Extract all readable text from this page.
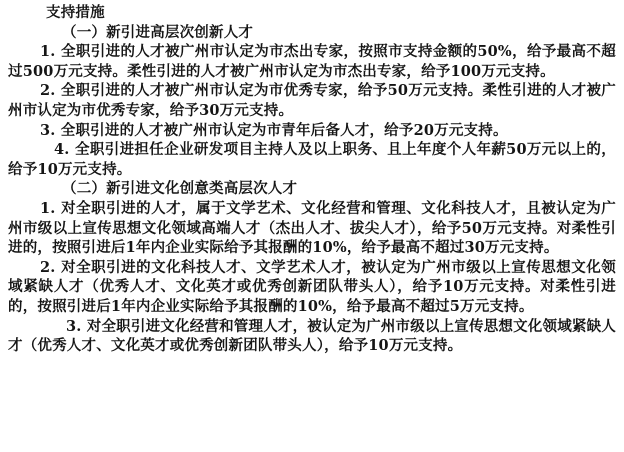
支持措施
（一）新引进高层次创新人才

1. 全职引进的人才被广州市认定为市杰出专家，按照市支持金额的50%，给予最高不超过500万元支持。柔性引进的人才被广州市认定为市杰出专家，给予100万元支持。

2. 全职引进的人才被广州市认定为市优秀专家，给予50万元支持。柔性引进的人才被广州市认定为市优秀专家，给予30万元支持。

3. 全职引进的人才被广州市认定为市青年后备人才，给予20万元支持。

4. 全职引进担任企业研发项目主持人及以上职务、且上年度个人年薪50万元以上的，给予10万元支持。

（二）新引进文化创意类高层次人才

1. 对全职引进的人才，属于文学艺术、文化经营和管理、文化科技人才，且被认定为广州市级以上宣传思想文化领域高端人才（杰出人才、拔尖人才），给予50万元支持。对柔性引进的，按照引进后1年内企业实际给予其报酬的10%，给予最高不超过30万元支持。

2. 对全职引进的文化科技人才、文学艺术人才，被认定为广州市级以上宣传思想文化领域紧缺人才（优秀人才、文化英才或优秀创新团队带头人），给予10万元支持。对柔性引进的，按照引进后1年内企业实际给予其报酬的10%，给予最高不超过5万元支持。

3. 对全职引进文化经营和管理人才，被认定为广州市级以上宣传思想文化领域紧缺人才（优秀人才、文化英才或优秀创新团队带头人），给予10万元支持。
